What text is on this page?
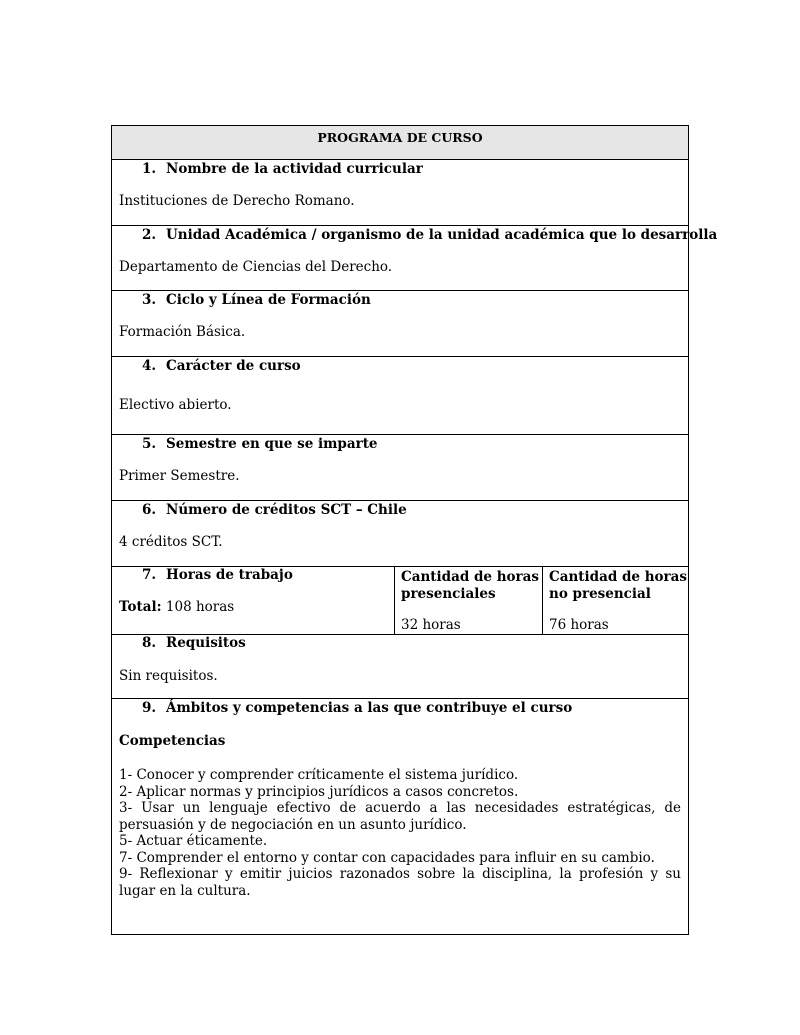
PROGRAMA DE CURSO
1. Nombre de la actividad curricular
Instituciones de Derecho Romano.
2. Unidad Académica / organismo de la unidad académica que lo desarrolla
Departamento de Ciencias del Derecho.
3. Ciclo y Línea de Formación
Formación Básica.
4. Carácter de curso
Electivo abierto.
5. Semestre en que se imparte
Primer Semestre.
6. Número de créditos SCT – Chile
4 créditos SCT.
7. Horas de trabajo
Total: 108 horas
Cantidad de horas presenciales
32 horas
Cantidad de horas no presencial
76 horas
8. Requisitos
Sin requisitos.
9. Ámbitos y competencias a las que contribuye el curso
Competencias
1- Conocer y comprender críticamente el sistema jurídico.
2- Aplicar normas y principios jurídicos a casos concretos.
3- Usar un lenguaje efectivo de acuerdo a las necesidades estratégicas, de persuasión y de negociación en un asunto jurídico.
5- Actuar éticamente.
7- Comprender el entorno y contar con capacidades para influir en su cambio.
9- Reflexionar y emitir juicios razonados sobre la disciplina, la profesión y su lugar en la cultura.
